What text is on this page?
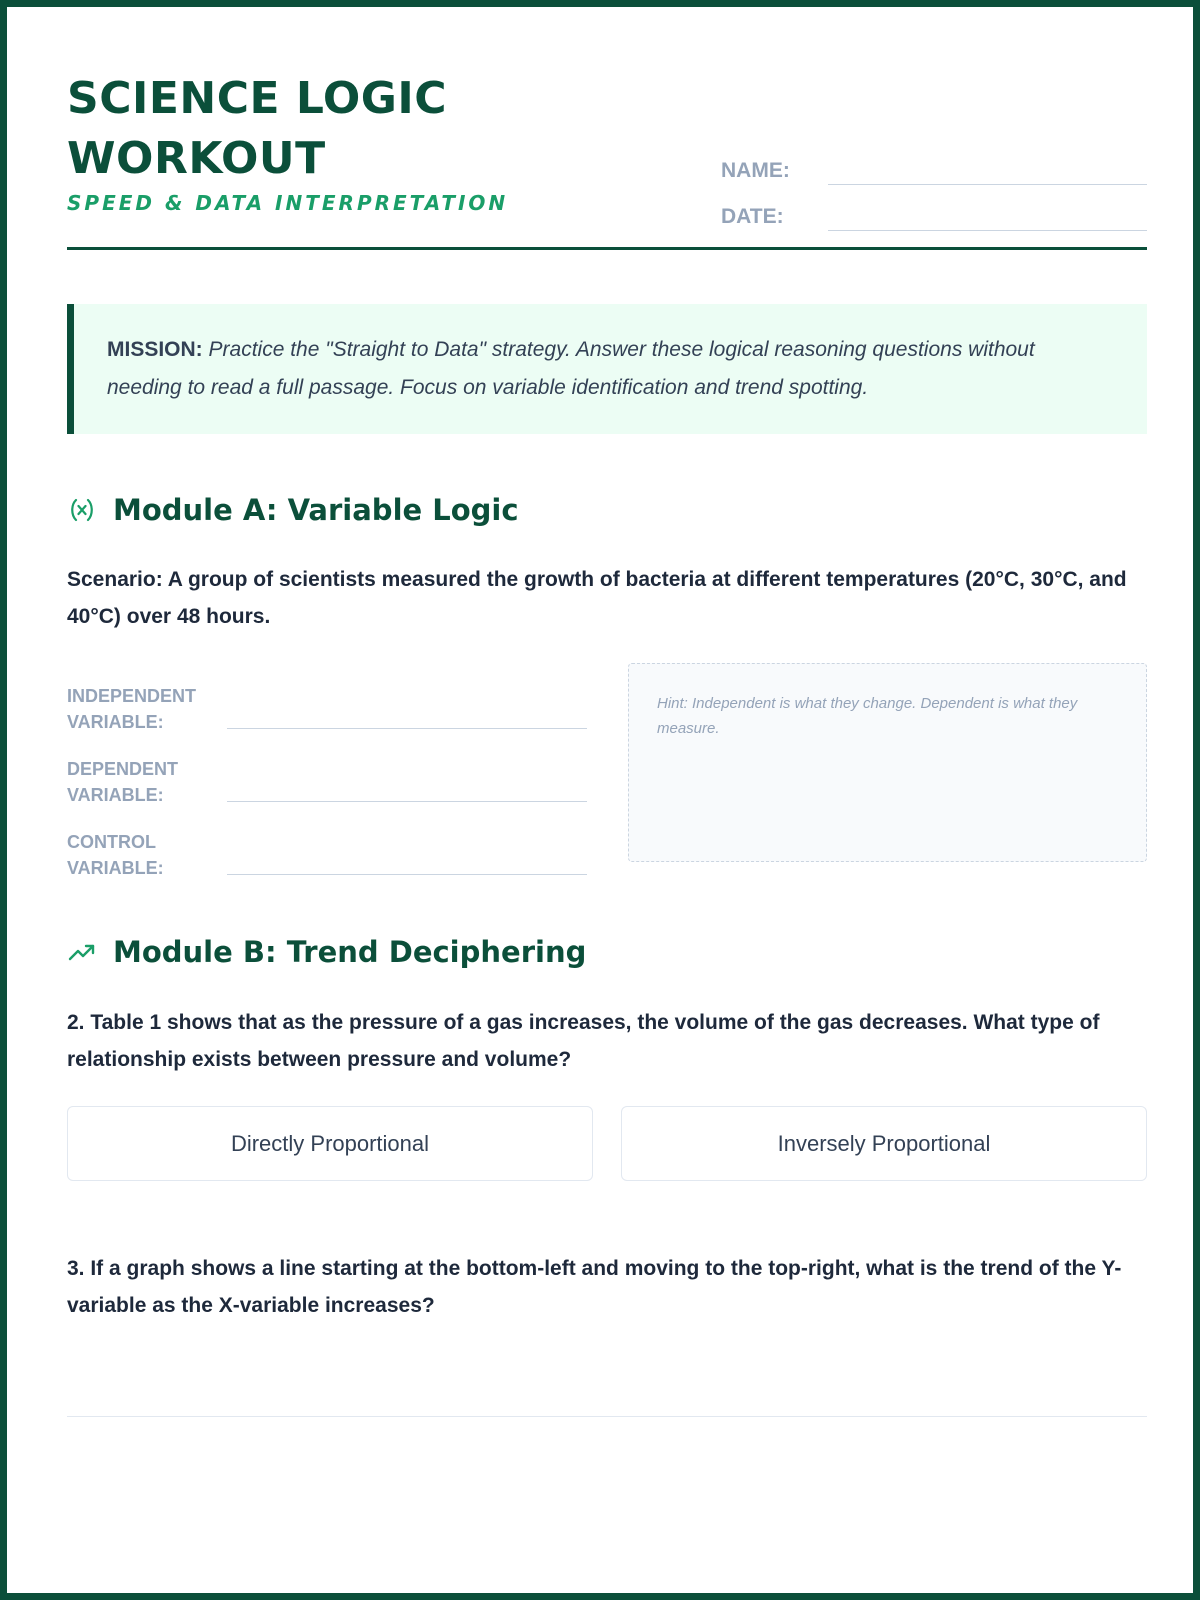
SCIENCE LOGIC
WORKOUT
SPEED & DATA INTERPRETATION
NAME:
DATE:
MISSION: Practice the "Straight to Data" strategy. Answer these logical reasoning questions without needing to read a full passage. Focus on variable identification and trend spotting.
Module A: Variable Logic
Scenario: A group of scientists measured the growth of bacteria at different temperatures (20°C, 30°C, and 40°C) over 48 hours.
INDEPENDENT VARIABLE:
DEPENDENT VARIABLE:
CONTROL VARIABLE:
Hint: Independent is what they change. Dependent is what they measure.
Module B: Trend Deciphering
2. Table 1 shows that as the pressure of a gas increases, the volume of the gas decreases. What type of relationship exists between pressure and volume?
Directly Proportional	Inversely Proportional
3. If a graph shows a line starting at the bottom-left and moving to the top-right, what is the trend of the Y-variable as the X-variable increases?
